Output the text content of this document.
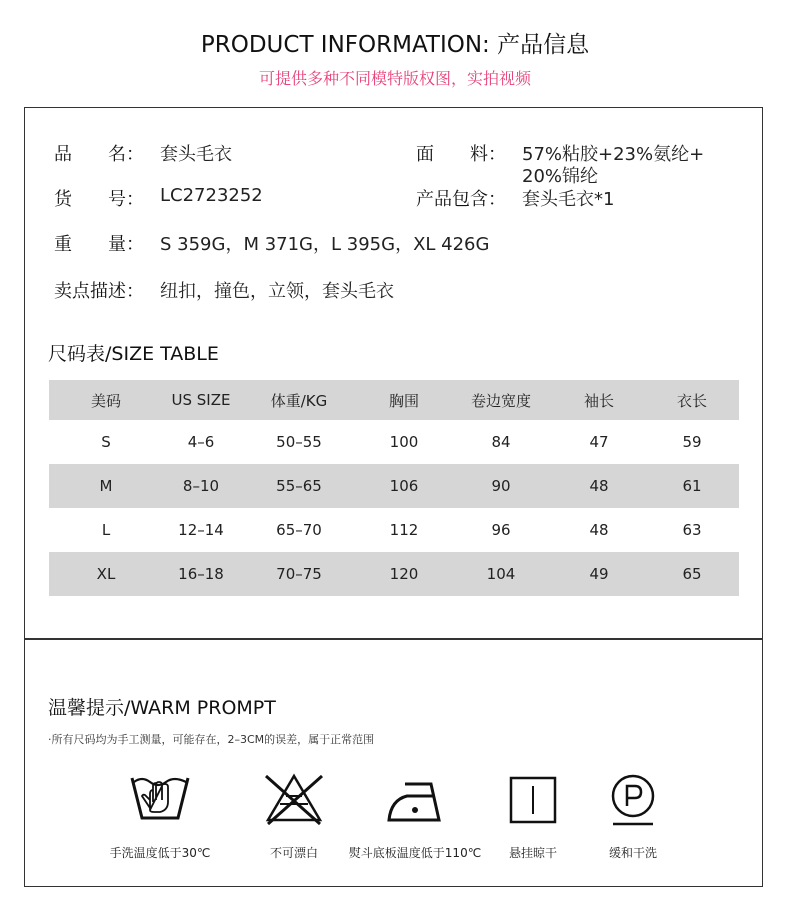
PRODUCT INFORMATION: 产品信息
可提供多种不同模特版权图，实拍视频
品　　名： 套头毛衣	面　　料： 57%粘胶+23%氨纶+
20%锦纶
货　　号： LC2723252	产品包含： 套头毛衣*1
重　　量： S 359G，M 371G，L 395G，XL 426G
卖点描述： 纽扣，撞色，立领，套头毛衣
尺码表/SIZE TABLE
美码	US SIZE	体重/KG	胸围	卷边宽度	袖长	衣长
S	4–6	50–55	100	84	47	59
M	8–10	55–65	106	90	48	61
L	12–14	65–70	112	96	48	63
XL	16–18	70–75	120	104	49	65
温馨提示/WARM PROMPT
·所有尺码均为手工测量，可能存在，2–3CM的误差，属于正常范围
手洗温度低于30℃	不可漂白	熨斗底板温度低于110℃	悬挂晾干	缓和干洗
